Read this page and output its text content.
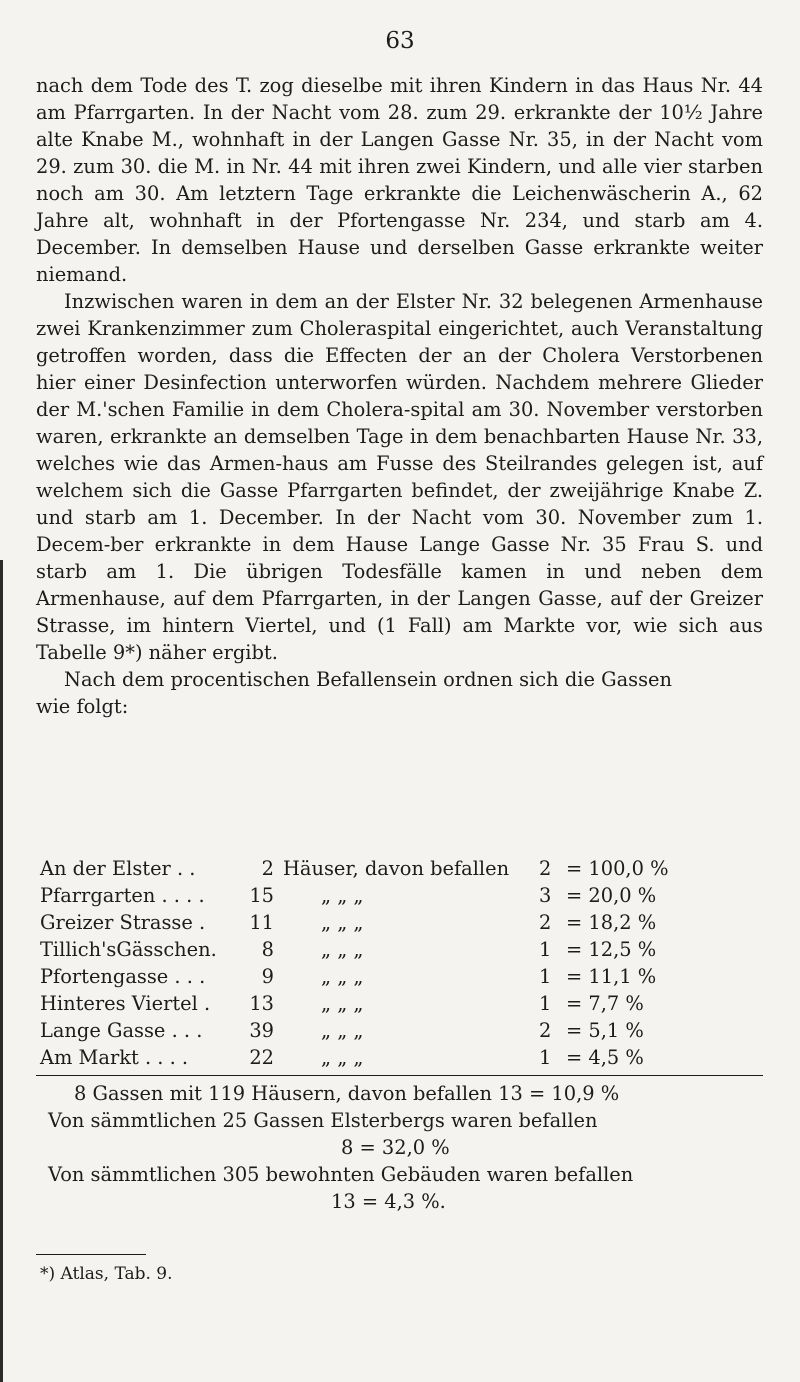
63

nach dem Tode des T. zog dieselbe mit ihren Kindern in das Haus Nr. 44 am Pfarrgarten. In der Nacht vom 28. zum 29. erkrankte der 10½ Jahre alte Knabe M., wohnhaft in der Langen Gasse Nr. 35, in der Nacht vom 29. zum 30. die M. in Nr. 44 mit ihren zwei Kindern, und alle vier starben noch am 30. Am letztern Tage erkrankte die Leichenwäscherin A., 62 Jahre alt, wohnhaft in der Pfortengasse Nr. 234, und starb am 4. December. In demselben Hause und derselben Gasse erkrankte weiter niemand.

Inzwischen waren in dem an der Elster Nr. 32 belegenen Armenhause zwei Krankenzimmer zum Choleraspital eingerichtet, auch Veranstaltung getroffen worden, dass die Effecten der an der Cholera Verstorbenen hier einer Desinfection unterworfen würden. Nachdem mehrere Glieder der M.'schen Familie in dem Cholera-spital am 30. November verstorben waren, erkrankte an demselben Tage in dem benachbarten Hause Nr. 33, welches wie das Armen-haus am Fusse des Steilrandes gelegen ist, auf welchem sich die Gasse Pfarrgarten befindet, der zweijährige Knabe Z. und starb am 1. December. In der Nacht vom 30. November zum 1. Decem-ber erkrankte in dem Hause Lange Gasse Nr. 35 Frau S. und starb am 1. Die übrigen Todesfälle kamen in und neben dem Armenhause, auf dem Pfarrgarten, in der Langen Gasse, auf der Greizer Strasse, im hintern Viertel, und (1 Fall) am Markte vor, wie sich aus Tabelle 9*) näher ergibt.

Nach dem procentischen Befallensein ordnen sich die Gassen

wie folgt:

An der Elster . .	2 Häuser, davon befallen 2 = 100,0 %
Pfarrgarten . . . . 15 „ „ „	3 = 20,0 %
Greizer Strasse . 11 „ „ „	2 = 18,2 %
Tillich'sGässchen.	8 „ „ „	1 = 12,5 %
Pfortengasse . . .	9 „ „ „	1 = 11,1 %
Hinteres Viertel . 13 „ „ „	1 = 7,7 %
Lange Gasse . . . 39 „ „ „	2 = 5,1 %
Am Markt . . . .	22 „ „ „	1 = 4,5 %
8 Gassen mit 119 Häusern, davon befallen 13 = 10,9 %
Von sämmtlichen 25 Gassen Elsterbergs waren befallen
8 = 32,0 %
Von sämmtlichen 305 bewohnten Gebäuden waren befallen
13 = 4,3 %.
*) Atlas, Tab. 9.
